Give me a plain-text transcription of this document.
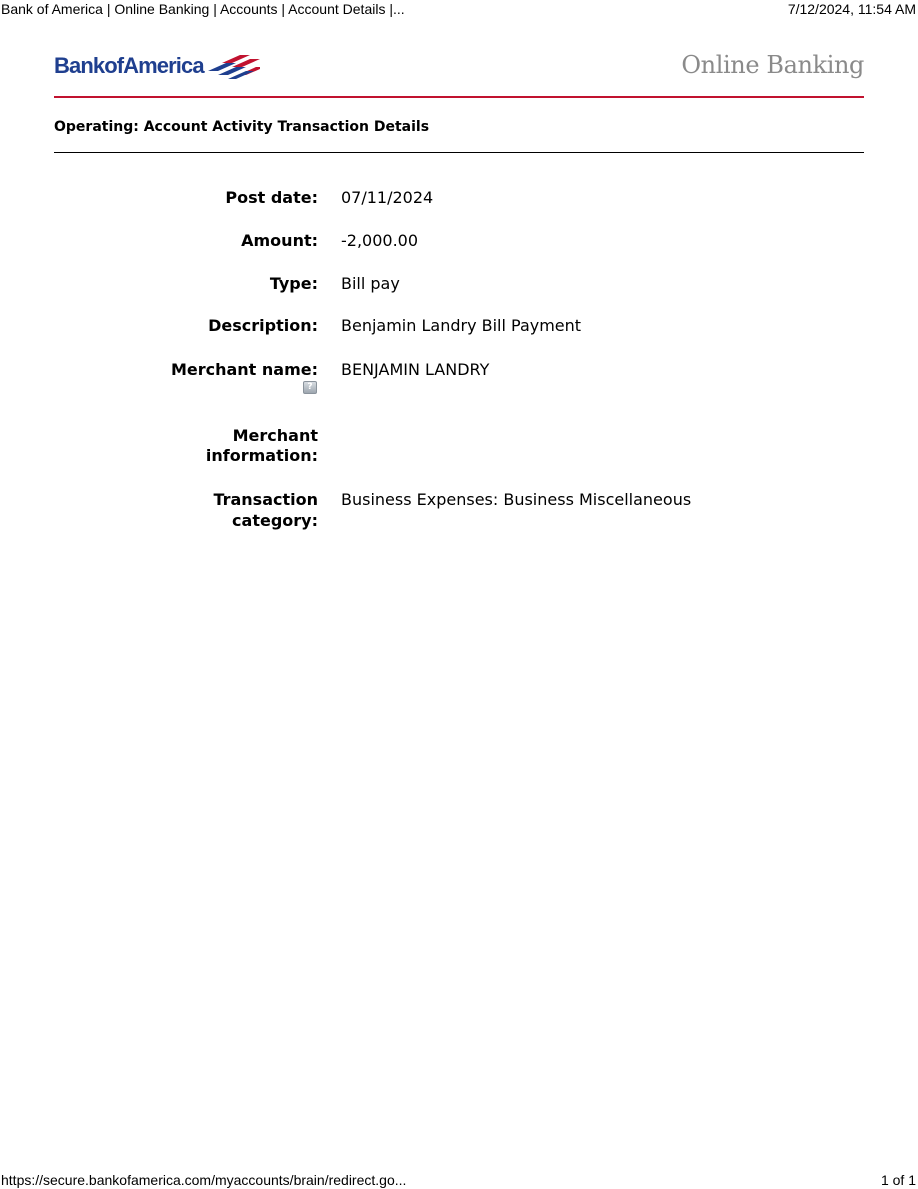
Bank of America | Online Banking | Accounts | Account Details |...	7/12/2024, 11:54 AM
BankofAmerica	Online Banking
Operating: Account Activity Transaction Details
Post date: 07/11/2024
Amount: -2,000.00
Type: Bill pay
Description: Benjamin Landry Bill Payment
Merchant name:
?
BENJAMIN LANDRY
Merchant
information:
Transaction
category:
Business Expenses: Business Miscellaneous
https://secure.bankofamerica.com/myaccounts/brain/redirect.go...	1 of 1
